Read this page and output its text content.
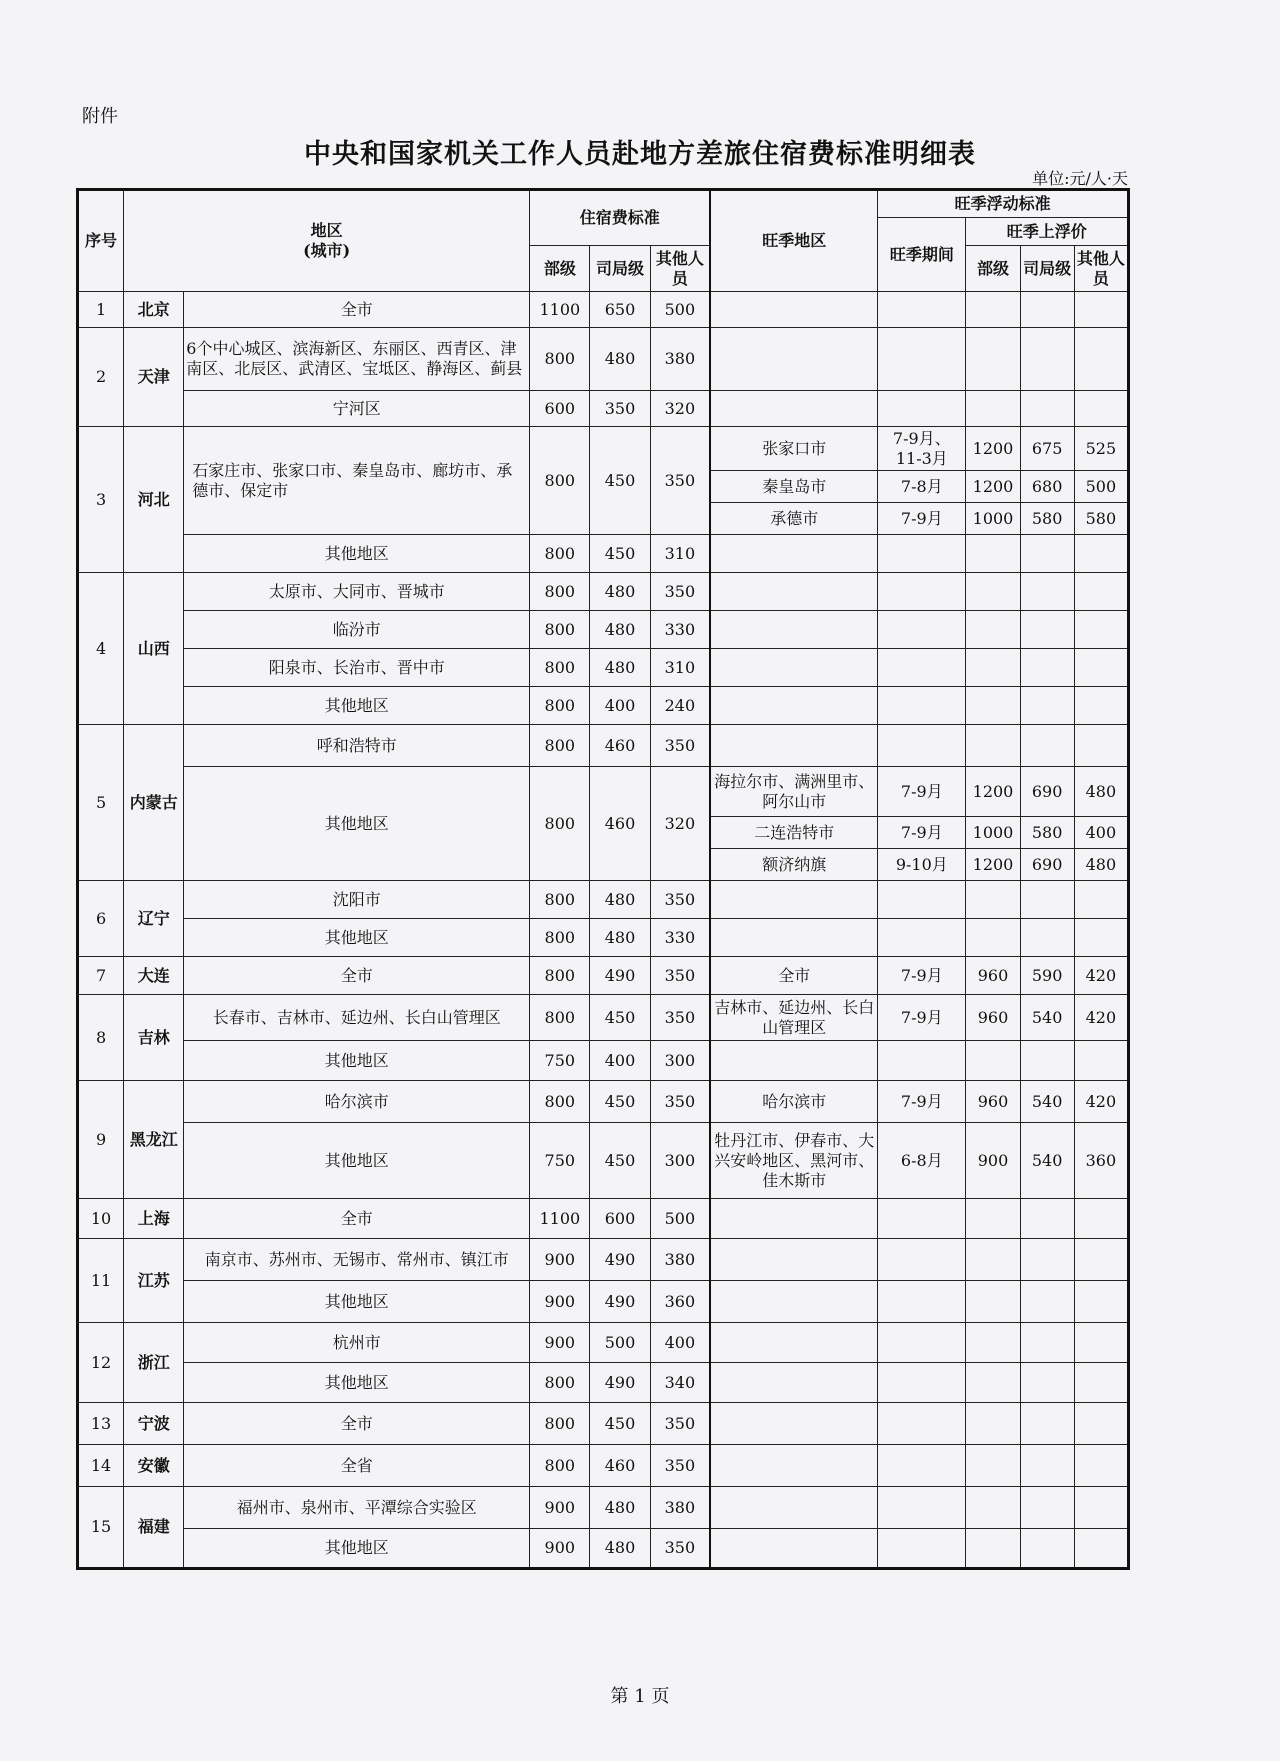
附件
中央和国家机关工作人员赴地方差旅住宿费标准明细表
单位:元/人·天
序号	地区
(城市)		住宿费标准			旺季地区	旺季浮动标准			
							旺季期间	旺季上浮价		
			部级	司局级	其他人员			部级	司局级	其他人员
1	北京	全市	1100	650	500					
2	天津	6个中心城区、滨海新区、东丽区、西青区、津南区、北辰区、武清区、宝坻区、静海区、蓟县	800	480	380					
		宁河区	600	350	320					
3	河北	石家庄市、张家口市、秦皇岛市、廊坊市、承德市、保定市	800	450	350	张家口市	7-9月、11-3月	1200	675	525
						秦皇岛市	7-8月	1200	680	500
						承德市	7-9月	1000	580	580
		其他地区	800	450	310					
4	山西	太原市、大同市、晋城市	800	480	350					
		临汾市	800	480	330					
		阳泉市、长治市、晋中市	800	480	310					
		其他地区	800	400	240					
5	内蒙古	呼和浩特市	800	460	350					
		其他地区	800	460	320	海拉尔市、满洲里市、阿尔山市	7-9月	1200	690	480
						二连浩特市	7-9月	1000	580	400
						额济纳旗	9-10月	1200	690	480
6	辽宁	沈阳市	800	480	350					
		其他地区	800	480	330					
7	大连	全市	800	490	350	全市	7-9月	960	590	420
8	吉林	长春市、吉林市、延边州、长白山管理区	800	450	350	吉林市、延边州、长白山管理区	7-9月	960	540	420
		其他地区	750	400	300					
9	黑龙江	哈尔滨市	800	450	350	哈尔滨市	7-9月	960	540	420
		其他地区	750	450	300	牡丹江市、伊春市、大兴安岭地区、黑河市、佳木斯市	6-8月	900	540	360
10	上海	全市	1100	600	500					
11	江苏	南京市、苏州市、无锡市、常州市、镇江市	900	490	380					
		其他地区	900	490	360					
12	浙江	杭州市	900	500	400					
		其他地区	800	490	340					
13	宁波	全市	800	450	350					
14	安徽	全省	800	460	350					
15	福建	福州市、泉州市、平潭综合实验区	900	480	380					
		其他地区	900	480	350					
第 1 页
